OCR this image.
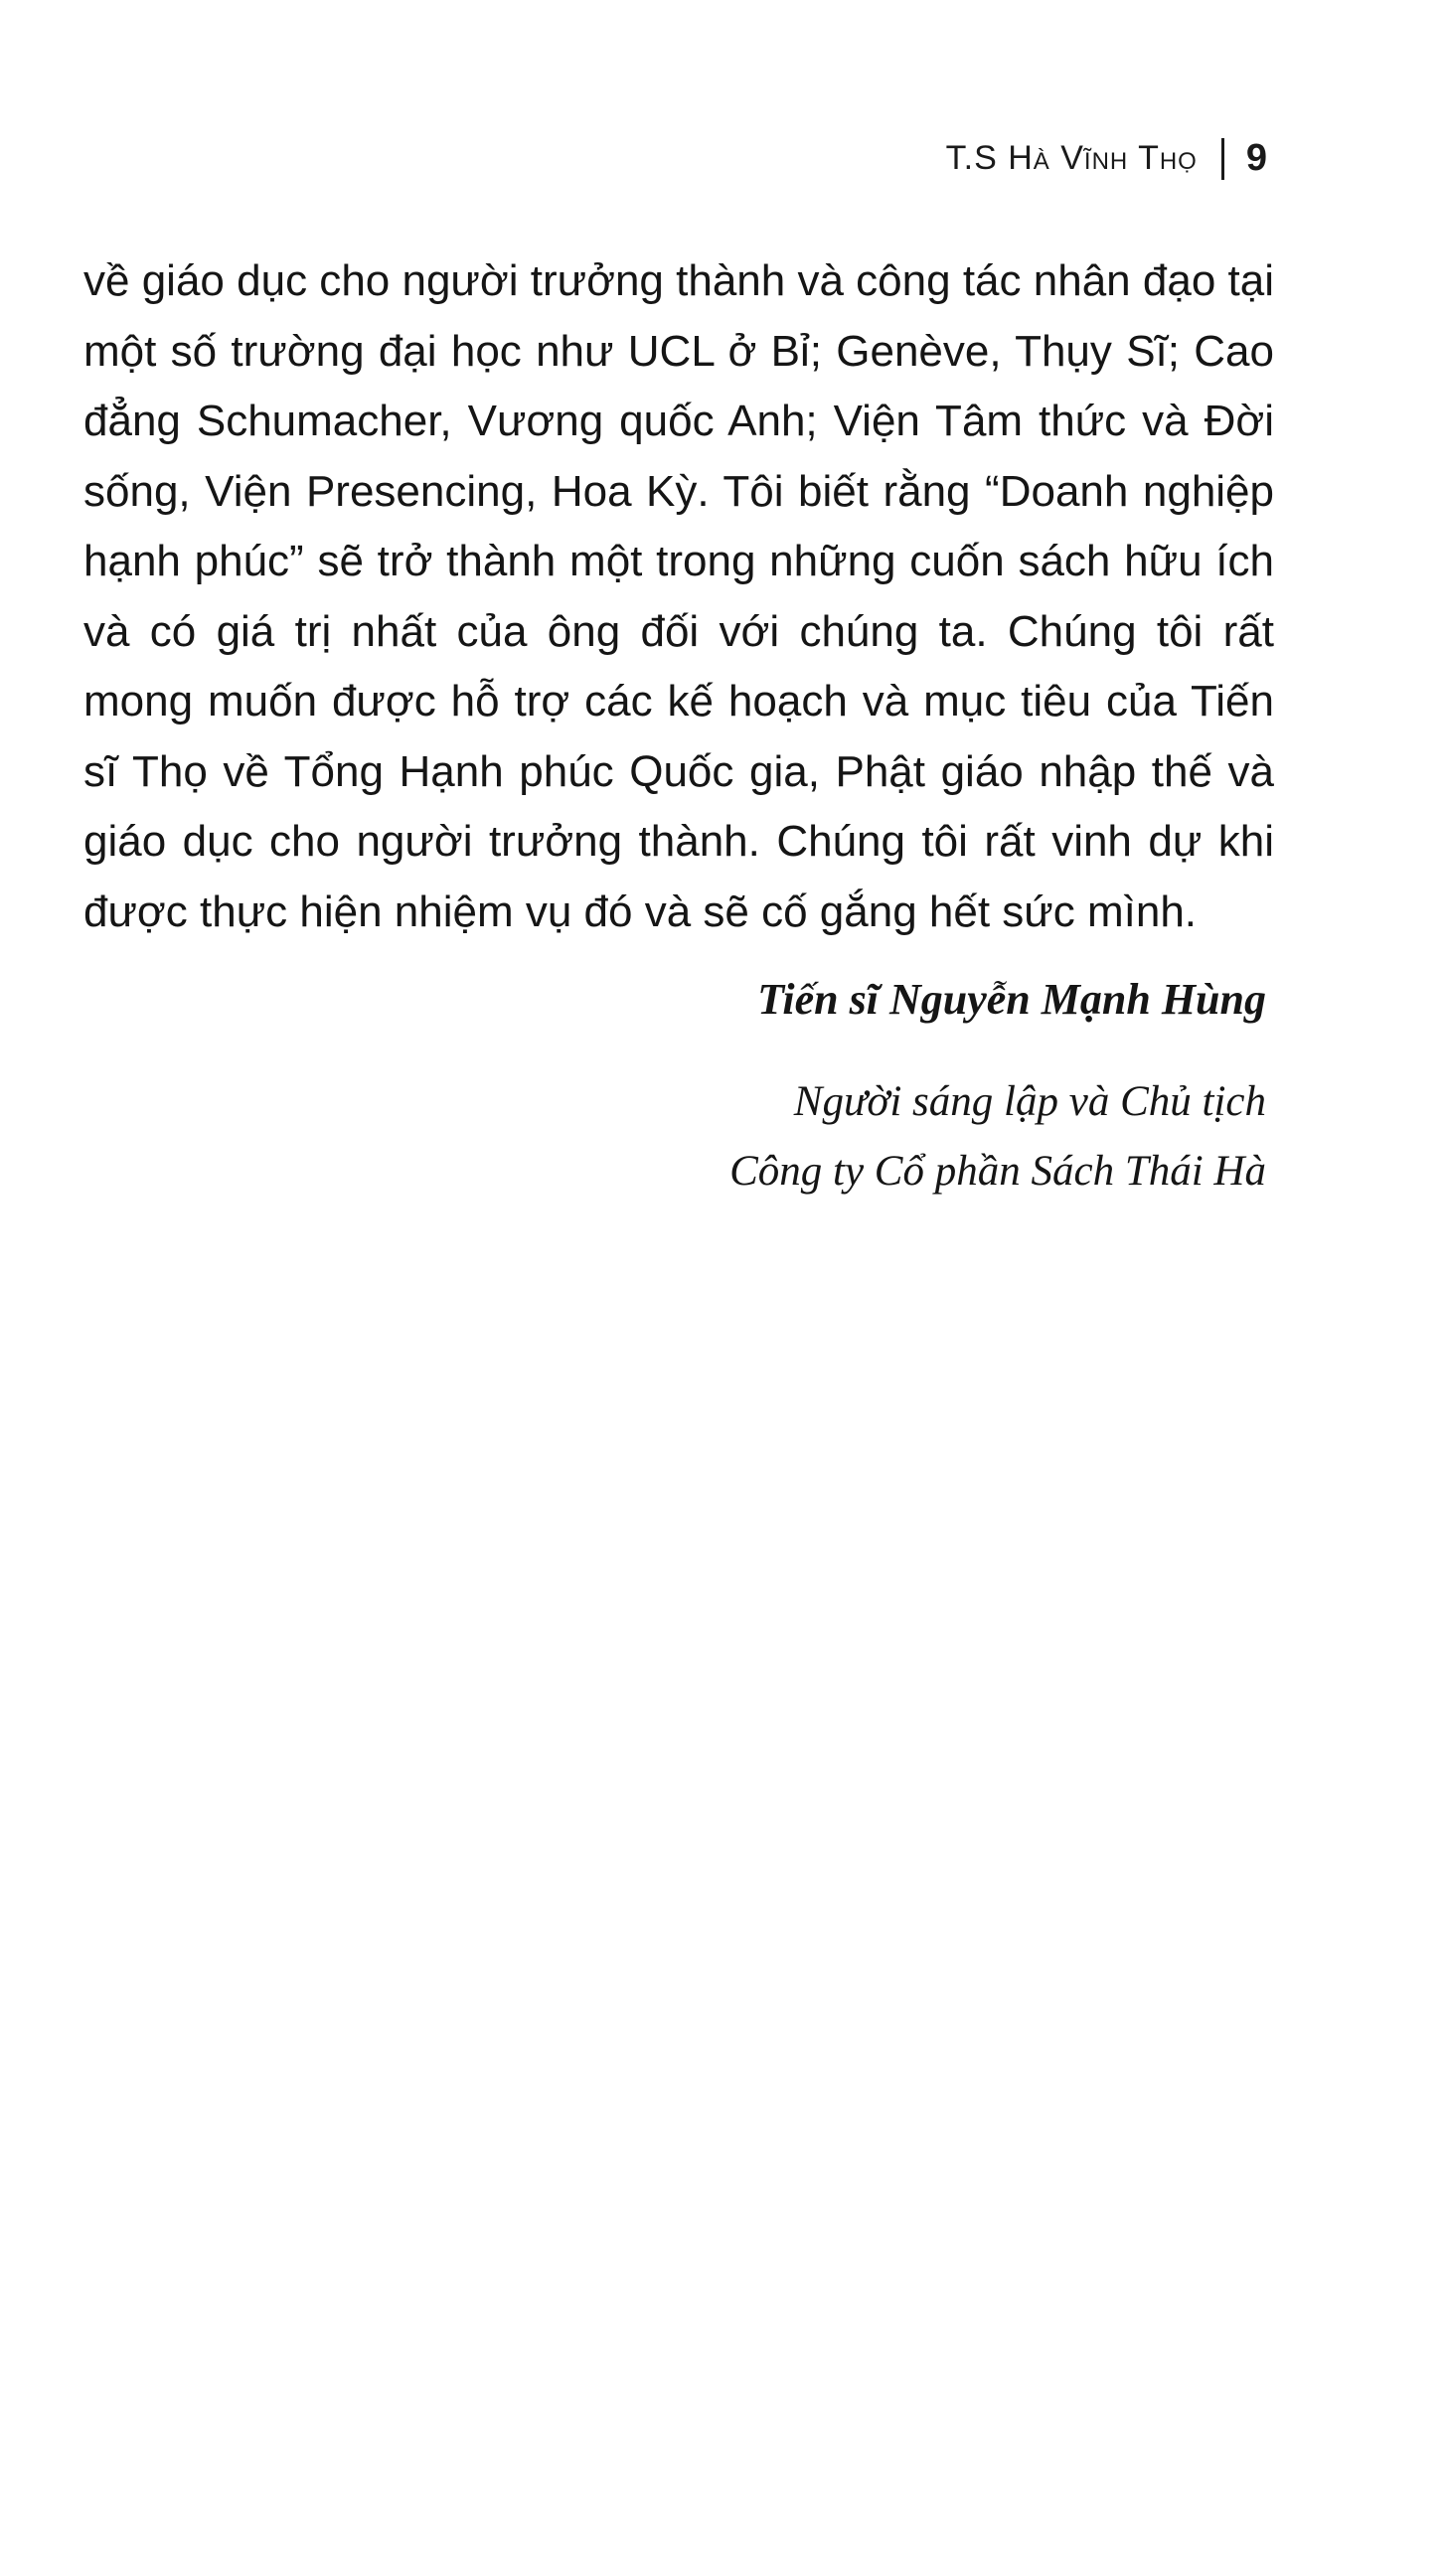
T.S Hà Vĩnh Thọ 9

về giáo dục cho người trưởng thành và công tác nhân đạo tại một số trường đại học như UCL ở Bỉ; Genève, Thụy Sĩ; Cao đẳng Schumacher, Vương quốc Anh; Viện Tâm thức và Đời sống, Viện Presencing, Hoa Kỳ. Tôi biết rằng “Doanh nghiệp hạnh phúc” sẽ trở thành một trong những cuốn sách hữu ích và có giá trị nhất của ông đối với chúng ta. Chúng tôi rất mong muốn được hỗ trợ các kế hoạch và mục tiêu của Tiến sĩ Thọ về Tổng Hạnh phúc Quốc gia, Phật giáo nhập thế và giáo dục cho người trưởng thành. Chúng tôi rất vinh dự khi được thực hiện nhiệm vụ đó và sẽ cố gắng hết sức mình.

Tiến sĩ Nguyễn Mạnh Hùng
Người sáng lập và Chủ tịch
Công ty Cổ phần Sách Thái Hà
